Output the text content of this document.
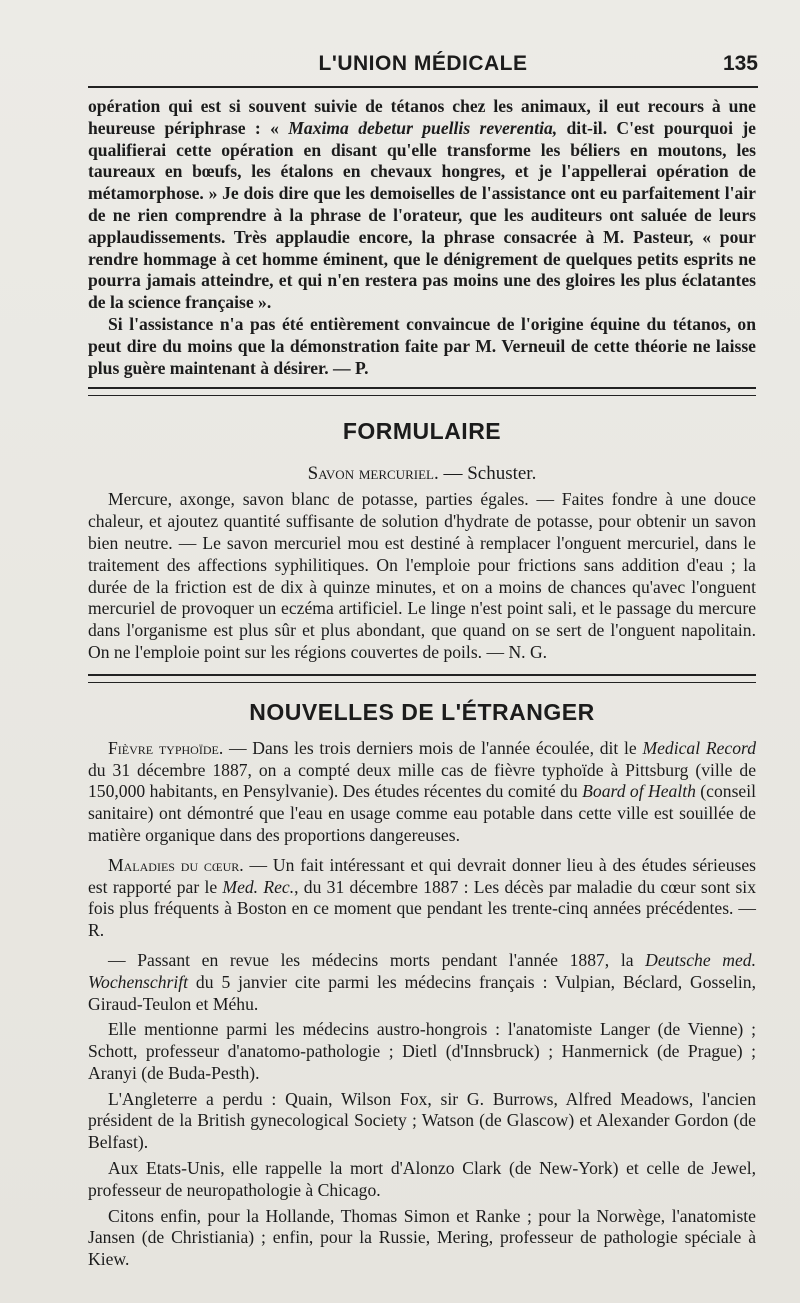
L'UNION MÉDICALE	135

opération qui est si souvent suivie de tétanos chez les animaux, il eut recours à une heureuse périphrase : « Maxima debetur puellis reverentia, dit-il. C'est pourquoi je qualifierai cette opération en disant qu'elle transforme les béliers en moutons, les taureaux en bœufs, les étalons en chevaux hongres, et je l'appellerai opération de métamorphose. » Je dois dire que les demoiselles de l'assistance ont eu parfaitement l'air de ne rien comprendre à la phrase de l'orateur, que les auditeurs ont saluée de leurs applaudissements. Très applaudie encore, la phrase consacrée à M. Pasteur, « pour rendre hommage à cet homme éminent, que le dénigrement de quelques petits esprits ne pourra jamais atteindre, et qui n'en restera pas moins une des gloires les plus éclatantes de la science française ».

Si l'assistance n'a pas été entièrement convaincue de l'origine équine du tétanos, on peut dire du moins que la démonstration faite par M. Verneuil de cette théorie ne laisse plus guère maintenant à désirer. — P.

FORMULAIRE

Savon mercuriel. — Schuster.

Mercure, axonge, savon blanc de potasse, parties égales. — Faites fondre à une douce chaleur, et ajoutez quantité suffisante de solution d'hydrate de potasse, pour obtenir un savon bien neutre. — Le savon mercuriel mou est destiné à remplacer l'onguent mercuriel, dans le traitement des affections syphilitiques. On l'emploie pour frictions sans addition d'eau ; la durée de la friction est de dix à quinze minutes, et on a moins de chances qu'avec l'onguent mercuriel de provoquer un eczéma artificiel. Le linge n'est point sali, et le passage du mercure dans l'organisme est plus sûr et plus abondant, que quand on se sert de l'onguent napolitain. On ne l'emploie point sur les régions couvertes de poils. — N. G.

NOUVELLES DE L'ÉTRANGER

Fièvre typhoïde. — Dans les trois derniers mois de l'année écoulée, dit le Medical Record du 31 décembre 1887, on a compté deux mille cas de fièvre typhoïde à Pittsburg (ville de 150,000 habitants, en Pensylvanie). Des études récentes du comité du Board of Health (conseil sanitaire) ont démontré que l'eau en usage comme eau potable dans cette ville est souillée de matière organique dans des proportions dangereuses.

Maladies du cœur. — Un fait intéressant et qui devrait donner lieu à des études sérieuses est rapporté par le Med. Rec., du 31 décembre 1887 : Les décès par maladie du cœur sont six fois plus fréquents à Boston en ce moment que pendant les trente-cinq années précédentes. — R.

— Passant en revue les médecins morts pendant l'année 1887, la Deutsche med. Wochenschrift du 5 janvier cite parmi les médecins français : Vulpian, Béclard, Gosselin, Giraud-Teulon et Méhu.

Elle mentionne parmi les médecins austro-hongrois : l'anatomiste Langer (de Vienne) ; Schott, professeur d'anatomo-pathologie ; Dietl (d'Innsbruck) ; Hanmernick (de Prague) ; Aranyi (de Buda-Pesth).

L'Angleterre a perdu : Quain, Wilson Fox, sir G. Burrows, Alfred Meadows, l'ancien président de la British gynecological Society ; Watson (de Glascow) et Alexander Gordon (de Belfast).

Aux Etats-Unis, elle rappelle la mort d'Alonzo Clark (de New-York) et celle de Jewel, professeur de neuropathologie à Chicago.

Citons enfin, pour la Hollande, Thomas Simon et Ranke ; pour la Norwège, l'anatomiste Jansen (de Christiania) ; enfin, pour la Russie, Mering, professeur de pathologie spéciale à Kiew.
